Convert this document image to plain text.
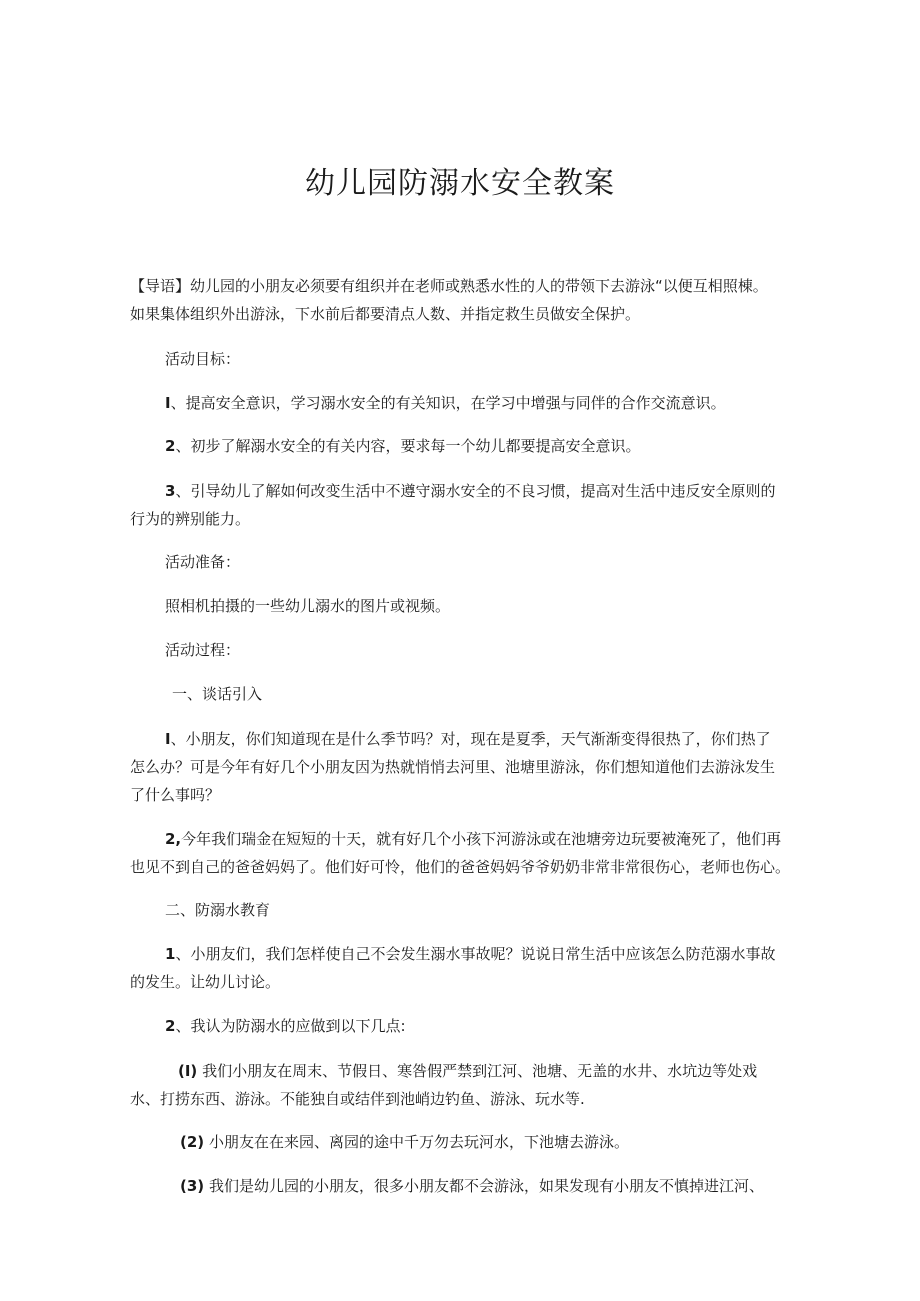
幼儿园防溺水安全教案

【导语】幼儿园的小朋友必须要有组织并在老师或熟悉水性的人的带领下去游泳“以便互相照棟。

如果集体组织外出游泳，下水前后都要清点人数、并指定救生员做安全保护。

活动目标：

I、提高安全意识，学习溺水安全的有关知识，在学习中增强与同伴的合作交流意识。

2、初步了解溺水安全的有关内容，要求每一个幼儿都要提高安全意识。

3、引导幼儿了解如何改变生活中不遵守溺水安全的不良习惯，提高对生活中违反安全原则的

行为的辨别能力。

活动准备：

照相机拍摄的一些幼儿溺水的图片或视频。

活动过程：

一、谈话引入

I、小朋友，你们知道现在是什么季节吗？对，现在是夏季，天气渐渐变得很热了，你们热了

怎么办？可是今年有好几个小朋友因为热就悄悄去河里、池塘里游泳，你们想知道他们去游泳发生

了什么事吗？

2,今年我们瑞金在短短的十天，就有好几个小孩下河游泳或在池塘旁边玩要被淹死了，他们再

也见不到自己的爸爸妈妈了。他们好可怜，他们的爸爸妈妈爷爷奶奶非常非常很伤心，老师也伤心。

二、防溺水教育

1、小朋友们，我们怎样使自己不会发生溺水事故呢？说说日常生活中应该怎么防范溺水事故

的发生。让幼儿讨论。

2、我认为防溺水的应做到以下几点:

(I) 我们小朋友在周末、节假日、寒咎假严禁到江河、池塘、无盖的水井、水坑边等处戏

水、打捞东西、游泳。不能独自或结伴到池峭边钓鱼、游泳、玩水等.

(2) 小朋友在在来园、离园的途中千万勿去玩河水，下池塘去游泳。

(3) 我们是幼儿园的小朋友，很多小朋友都不会游泳，如果发现有小朋友不慎掉进江河、
